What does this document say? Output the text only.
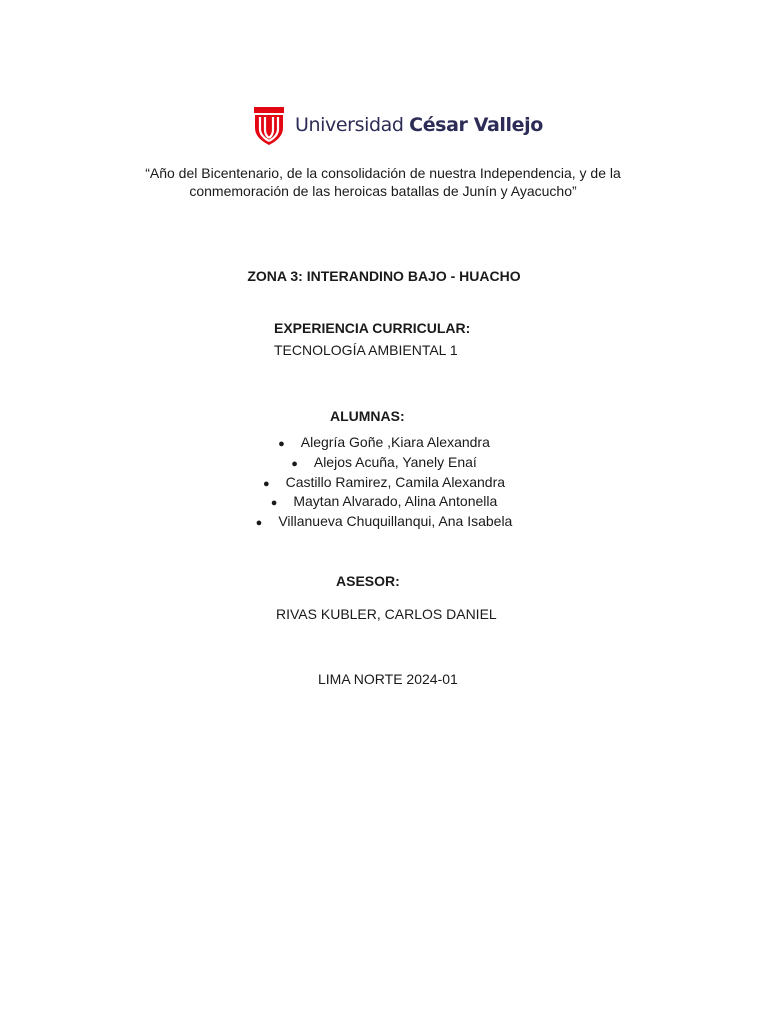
Universidad César Vallejo
“Año del Bicentenario, de la consolidación de nuestra Independencia, y de la conmemoración de las heroicas batallas de Junín y Ayacucho”
ZONA 3: INTERANDINO BAJO - HUACHO
EXPERIENCIA CURRICULAR:
TECNOLOGÍA AMBIENTAL 1
ALUMNAS:
● Alegría Goñe ,Kiara Alexandra
● Alejos Acuña, Yanely Enaí
● Castillo Ramirez, Camila Alexandra
● Maytan Alvarado, Alina Antonella
● Villanueva Chuquillanqui, Ana Isabela
ASESOR:
RIVAS KUBLER, CARLOS DANIEL
LIMA NORTE 2024-01
